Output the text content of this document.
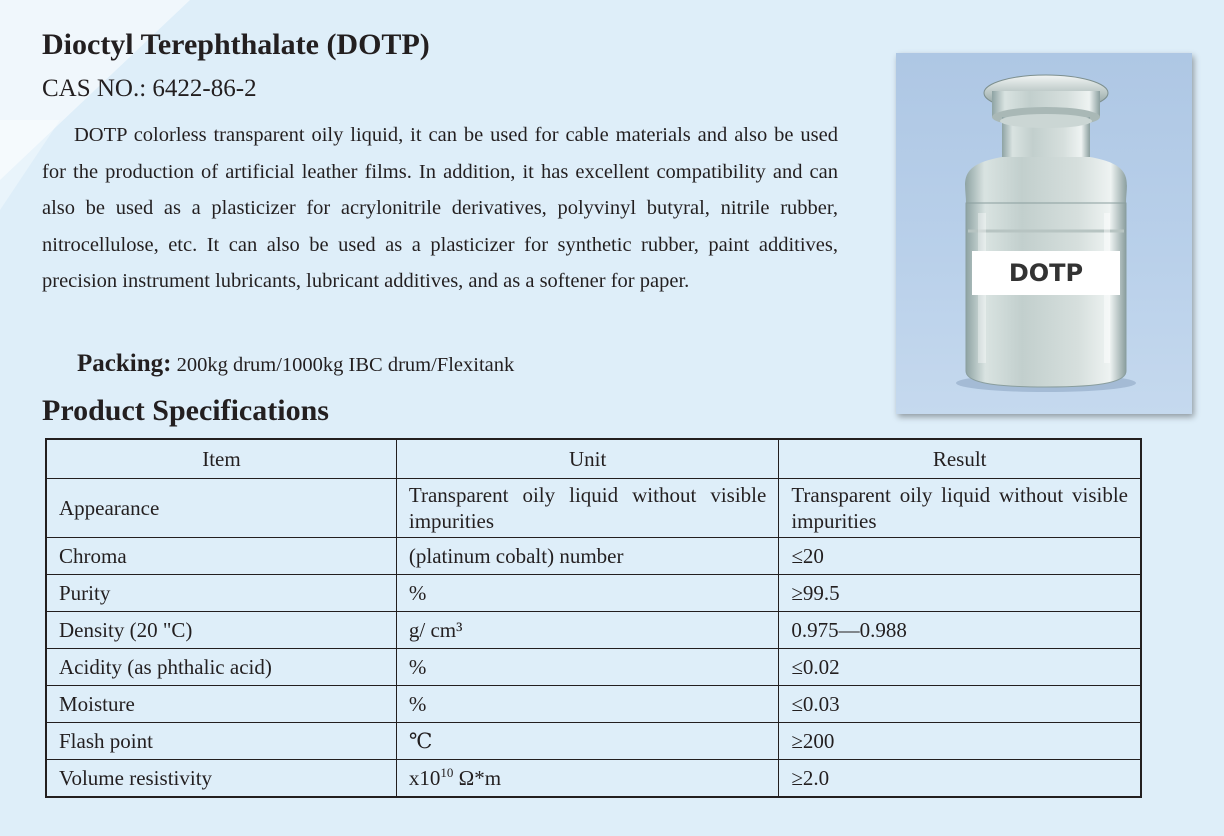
Dioctyl Terephthalate (DOTP)
CAS NO.: 6422-86-2

DOTP colorless transparent oily liquid, it can be used for cable materials and also be used for the production of artificial leather films. In addition, it has excellent compatibility and can also be used as a plasticizer for acrylonitrile derivatives, polyvinyl butyral, nitrile rubber, nitrocellulose, etc. It can also be used as a plasticizer for synthetic rubber, paint additives, precision instrument lubricants, lubricant additives, and as a softener for paper.

Packing: 200kg drum/1000kg IBC drum/Flexitank
DOTP
Product Specifications
Item	Unit	Result
Appearance	Transparent oily liquid without visible impurities	Transparent oily liquid without visible impurities
Chroma	(platinum cobalt) number	≤20
Purity	%	≥99.5
Density (20 "C)	g/ cm³	0.975—0.988
Acidity (as phthalic acid)	%	≤0.02
Moisture	%	≤0.03
Flash point	℃	≥200
Volume resistivity	$x10^{10}$ Ω*m	≥2.0
